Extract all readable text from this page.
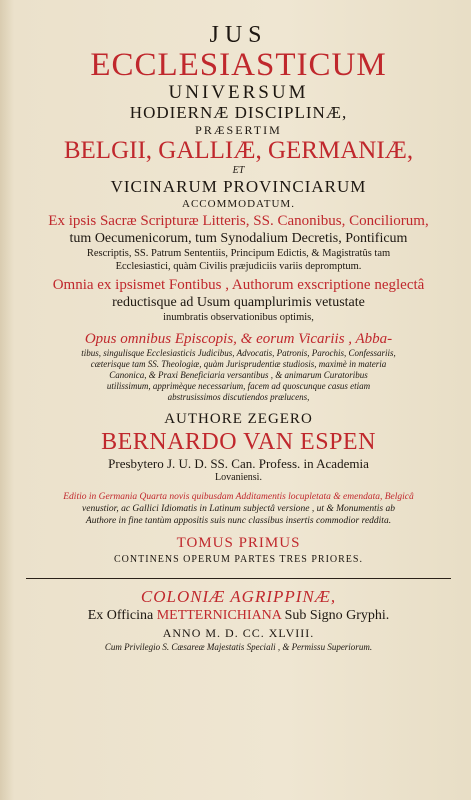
JUS
ECCLESIASTICUM
UNIVERSUM
HODIERNÆ DISCIPLINÆ,
PRÆSERTIM
BELGII, GALLIÆ, GERMANIÆ,
ET
VICINARUM PROVINCIARUM
ACCOMMODATUM.
Ex ipsis Sacræ Scripturæ Litteris, SS. Canonibus, Conciliorum,
tum Oecumenicorum, tum Synodalium Decretis, Pontificum
Rescriptis, SS. Patrum Sententiis, Principum Edictis, & Magistratûs tam
Ecclesiastici, quàm Civilis præjudiciis variis depromptum.
Omnia ex ipsismet Fontibus , Authorum exscriptione neglectâ
reductisque ad Usum quamplurimis vetustate
inumbratis observationibus optimis,
Opus omnibus Episcopis, & eorum Vicariis , Abba-
tibus, singulisque Ecclesiasticis Judicibus, Advocatis, Patronis, Parochis, Confessariis,
cæterisque tam SS. Theologiæ, quàm Jurisprudentiæ studiosis, maximè in materia
Canonica, & Praxi Beneficiaria versantibus , & animarum Curatoribus
utilissimum, apprimèque necessarium, facem ad quoscunque casus etiam
abstrusissimos discutiendos prælucens,
AUTHORE ZEGERO
BERNARDO VAN ESPEN
Presbytero J. U. D. SS. Can. Profess. in Academia
Lovaniensi.
Editio in Germania Quarta novis quibusdam Additamentis locupletata & emendata, Belgicâ
venustior, ac Gallici Idiomatis in Latinum subjectâ versione , ut & Monumentis ab
Authore in fine tantùm appositis suis nunc classibus insertis commodior reddita.
TOMUS PRIMUS
CONTINENS OPERUM PARTES TRES PRIORES.
COLONIÆ AGRIPPINÆ,
Ex Officina METTERNICHIANA Sub Signo Gryphi.
ANNO M. D. CC. XLVIII.
Cum Privilegio S. Cæsareæ Majestatis Speciali , & Permissu Superiorum.
